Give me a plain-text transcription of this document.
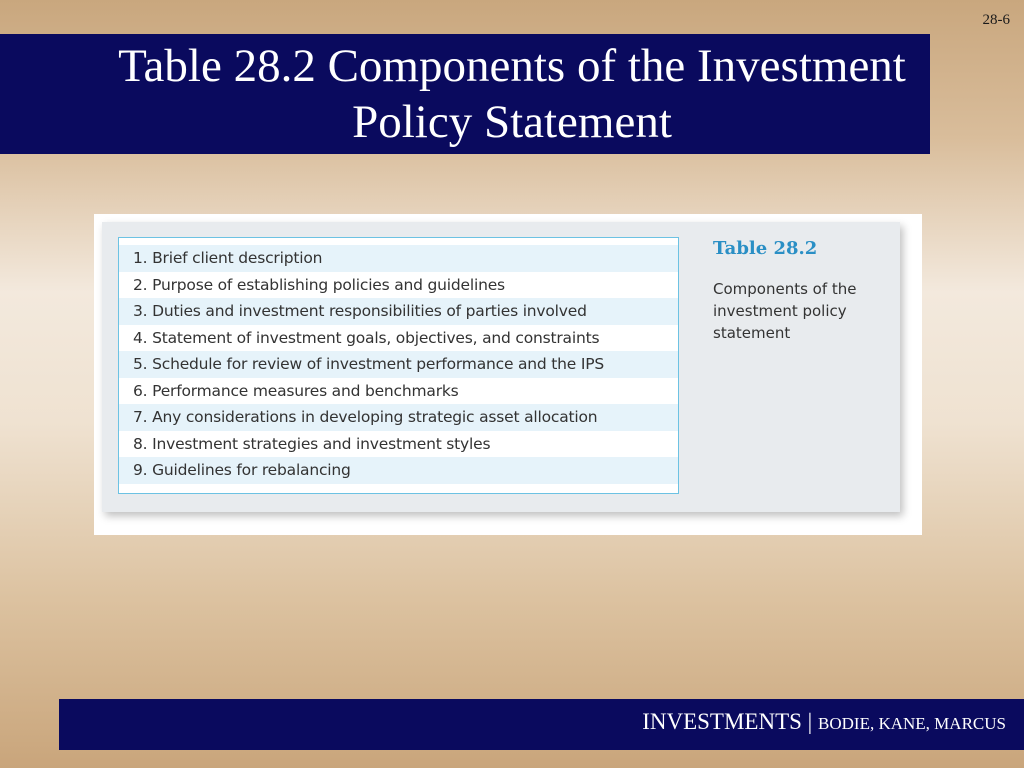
28-6
Table 28.2 Components of the Investment
Policy Statement
1. Brief client description
2. Purpose of establishing policies and guidelines
3. Duties and investment responsibilities of parties involved
4. Statement of investment goals, objectives, and constraints
5. Schedule for review of investment performance and the IPS
6. Performance measures and benchmarks
7. Any considerations in developing strategic asset allocation
8. Investment strategies and investment styles
9. Guidelines for rebalancing
Table 28.2
Components of the
investment policy
statement
INVESTMENTS | BODIE, KANE, MARCUS
